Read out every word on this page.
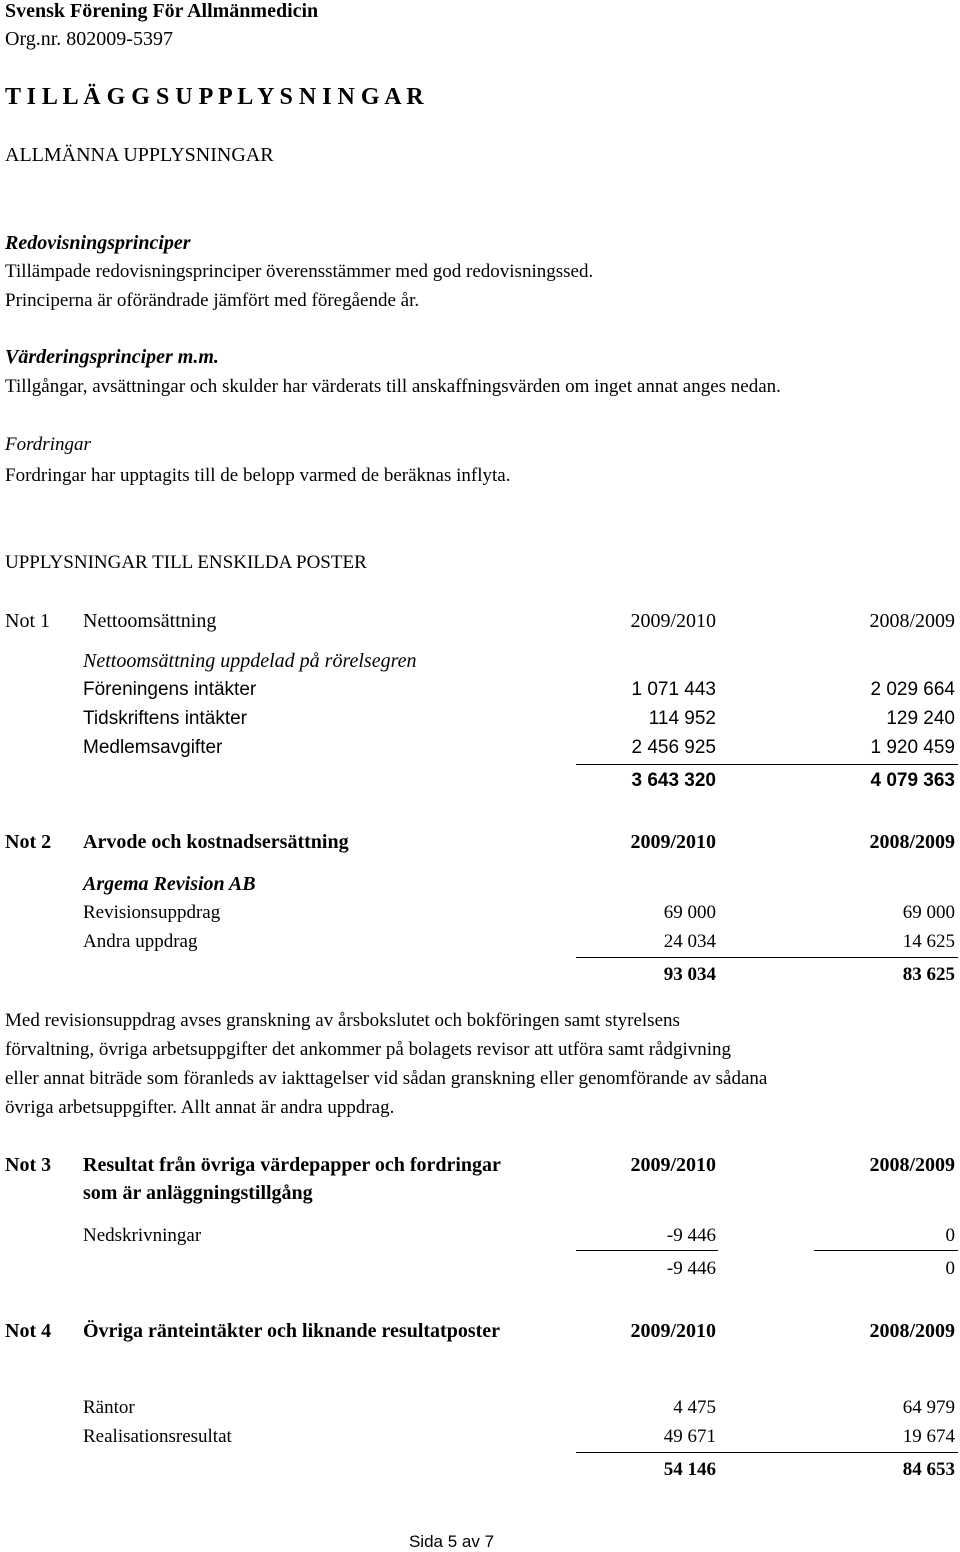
Svensk Förening För Allmänmedicin
Org.nr. 802009-5397
T I L L Ä G G S U P P L Y S N I N G A R
ALLMÄNNA UPPLYSNINGAR
Redovisningsprinciper
Tillämpade redovisningsprinciper överensstämmer med god redovisningssed.
Principerna är oförändrade jämfört med föregående år.
Värderingsprinciper m.m.
Tillgångar, avsättningar och skulder har värderats till anskaffningsvärden om inget annat anges nedan.
Fordringar
Fordringar har upptagits till de belopp varmed de beräknas inflyta.
UPPLYSNINGAR TILL ENSKILDA POSTER
Not 1 Nettoomsättning	2009/2010	2008/2009
Nettoomsättning uppdelad på rörelsegren
Föreningens intäkter	1 071 443	2 029 664
Tidskriftens intäkter	114 952	129 240
Medlemsavgifter	2 456 925	1 920 459
3 643 320	4 079 363
Not 2 Arvode och kostnadsersättning	2009/2010	2008/2009
Argema Revision AB
Revisionsuppdrag	69 000	69 000
Andra uppdrag	24 034	14 625
93 034	83 625
Med revisionsuppdrag avses granskning av årsbokslutet och bokföringen samt styrelsens
förvaltning, övriga arbetsuppgifter det ankommer på bolagets revisor att utföra samt rådgivning
eller annat biträde som föranleds av iakttagelser vid sådan granskning eller genomförande av sådana
övriga arbetsuppgifter. Allt annat är andra uppdrag.
Not 3 Resultat från övriga värdepapper och fordringar
som är anläggningstillgång
2009/2010	2008/2009
Nedskrivningar	-9 446	0
-9 446	0
Not 4 Övriga ränteintäkter och liknande resultatposter	2009/2010	2008/2009
Räntor	4 475	64 979
Realisationsresultat	49 671	19 674
54 146	84 653
Sida 5 av 7
